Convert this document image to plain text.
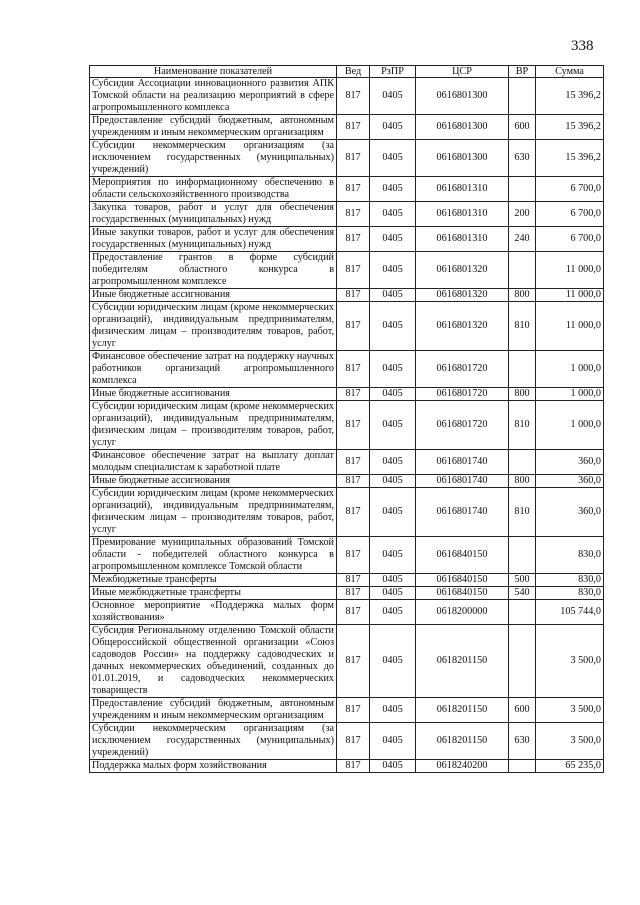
338
Наименование показателей	Вед	РзПР	ЦСР	ВР	Сумма
Субсидия Ассоциации инновационного развития АПК Томской области на реализацию мероприятий в сфере агропромышленного комплекса	817	0405	0616801300		15 396,2
Предоставление субсидий бюджетным, автономным учреждениям и иным некоммерческим организациям	817	0405	0616801300	600	15 396,2
Субсидии некоммерческим организациям (за исключением государственных (муниципальных) учреждений)	817	0405	0616801300	630	15 396,2
Мероприятия по информационному обеспечению в области сельскохозяйственного производства	817	0405	0616801310		6 700,0
Закупка товаров, работ и услуг для обеспечения государственных (муниципальных) нужд	817	0405	0616801310	200	6 700,0
Иные закупки товаров, работ и услуг для обеспечения государственных (муниципальных) нужд	817	0405	0616801310	240	6 700,0
Предоставление грантов в форме субсидий победителям областного конкурса в агропромышленном комплексе	817	0405	0616801320		11 000,0
Иные бюджетные ассигнования	817	0405	0616801320	800	11 000,0
Субсидии юридическим лицам (кроме некоммерческих организаций), индивидуальным предпринимателям, физическим лицам – производителям товаров, работ, услуг	817	0405	0616801320	810	11 000,0
Финансовое обеспечение затрат на поддержку научных работников организаций агропромышленного комплекса	817	0405	0616801720		1 000,0
Иные бюджетные ассигнования	817	0405	0616801720	800	1 000,0
Субсидии юридическим лицам (кроме некоммерческих организаций), индивидуальным предпринимателям, физическим лицам – производителям товаров, работ, услуг	817	0405	0616801720	810	1 000,0
Финансовое обеспечение затрат на выплату доплат молодым специалистам к заработной плате	817	0405	0616801740		360,0
Иные бюджетные ассигнования	817	0405	0616801740	800	360,0
Субсидии юридическим лицам (кроме некоммерческих организаций), индивидуальным предпринимателям, физическим лицам – производителям товаров, работ, услуг	817	0405	0616801740	810	360,0
Премирование муниципальных образований Томской области - победителей областного конкурса в агропромышленном комплексе Томской области	817	0405	0616840150		830,0
Межбюджетные трансферты	817	0405	0616840150	500	830,0
Иные межбюджетные трансферты	817	0405	0616840150	540	830,0
Основное мероприятие «Поддержка малых форм хозяйствования»	817	0405	0618200000		105 744,0
Субсидия Региональному отделению Томской области Общероссийской общественной организации «Союз садоводов России» на поддержку садоводческих и дачных некоммерческих объединений, созданных до 01.01.2019, и садоводческих некоммерческих товариществ	817	0405	0618201150		3 500,0
Предоставление субсидий бюджетным, автономным учреждениям и иным некоммерческим организациям	817	0405	0618201150	600	3 500,0
Субсидии некоммерческим организациям (за исключением государственных (муниципальных) учреждений)	817	0405	0618201150	630	3 500,0
Поддержка малых форм хозяйствования	817	0405	0618240200		65 235,0
